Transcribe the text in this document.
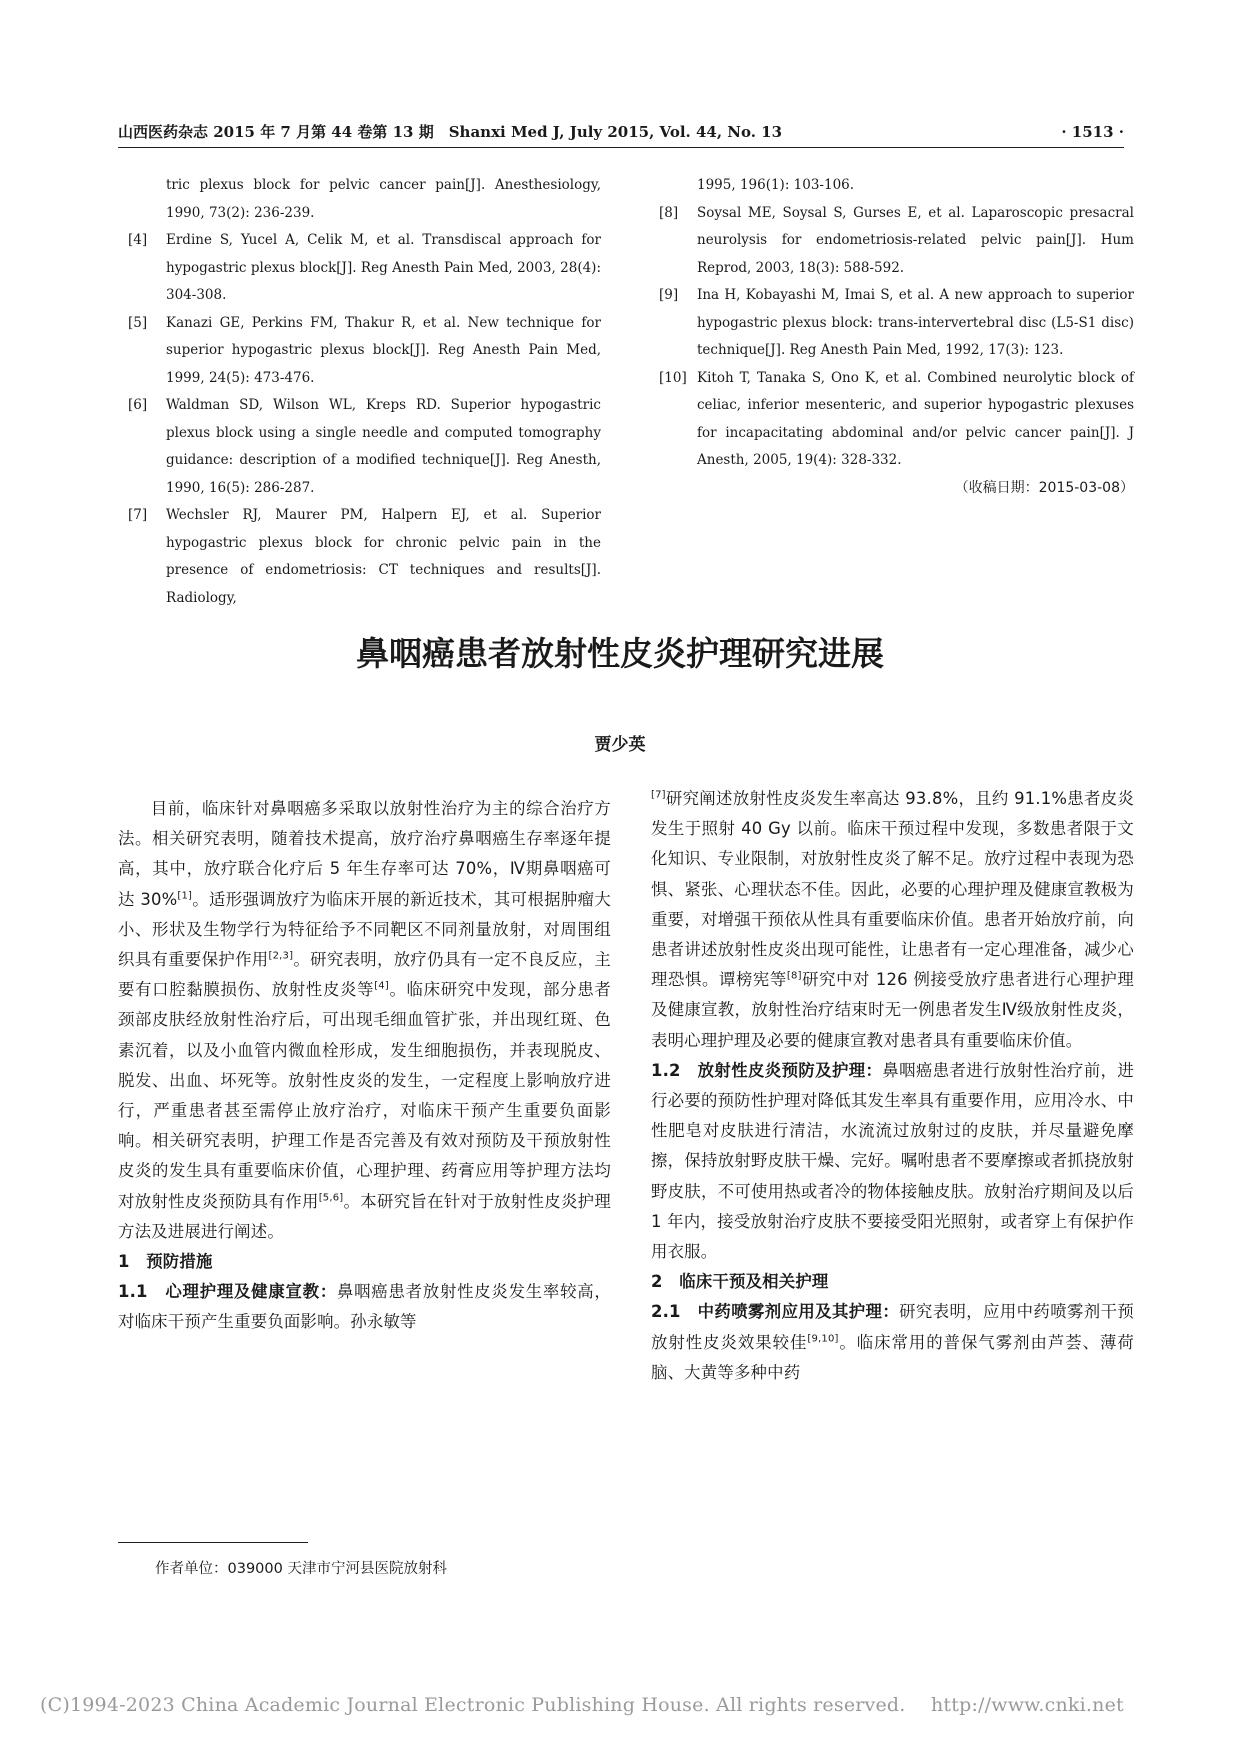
山西医药杂志 2015 年 7 月第 44 卷第 13 期　Shanxi Med J, July 2015, Vol. 44, No. 13	· 1513 ·
tric plexus block for pelvic cancer pain[J]. Anesthesiology, 1990, 73(2): 236-239.
[4] Erdine S, Yucel A, Celik M, et al. Transdiscal approach for hypogastric plexus block[J]. Reg Anesth Pain Med, 2003, 28(4): 304-308.
[5] Kanazi GE, Perkins FM, Thakur R, et al. New technique for superior hypogastric plexus block[J]. Reg Anesth Pain Med, 1999, 24(5): 473-476.
[6] Waldman SD, Wilson WL, Kreps RD. Superior hypogastric plexus block using a single needle and computed tomography guidance: description of a modified technique[J]. Reg Anesth, 1990, 16(5): 286-287.
[7] Wechsler RJ, Maurer PM, Halpern EJ, et al. Superior hypogastric plexus block for chronic pelvic pain in the presence of endometriosis: CT techniques and results[J]. Radiology,
1995, 196(1): 103-106.
[8] Soysal ME, Soysal S, Gurses E, et al. Laparoscopic presacral neurolysis for endometriosis-related pelvic pain[J]. Hum Reprod, 2003, 18(3): 588-592.
[9] Ina H, Kobayashi M, Imai S, et al. A new approach to superior hypogastric plexus block: trans-intervertebral disc (L5-S1 disc) technique[J]. Reg Anesth Pain Med, 1992, 17(3): 123.
[10] Kitoh T, Tanaka S, Ono K, et al. Combined neurolytic block of celiac, inferior mesenteric, and superior hypogastric plexuses for incapacitating abdominal and/or pelvic cancer pain[J]. J Anesth, 2005, 19(4): 328-332.
（收稿日期：2015-03-08）
鼻咽癌患者放射性皮炎护理研究进展
贾少英

目前，临床针对鼻咽癌多采取以放射性治疗为主的综合治疗方法。相关研究表明，随着技术提高，放疗治疗鼻咽癌生存率逐年提高，其中，放疗联合化疗后 5 年生存率可达 70%，Ⅳ期鼻咽癌可达 30%[1]。适形强调放疗为临床开展的新近技术，其可根据肿瘤大小、形状及生物学行为特征给予不同靶区不同剂量放射，对周围组织具有重要保护作用[2,3]。研究表明，放疗仍具有一定不良反应，主要有口腔黏膜损伤、放射性皮炎等[4]。临床研究中发现，部分患者颈部皮肤经放射性治疗后，可出现毛细血管扩张，并出现红斑、色素沉着，以及小血管内微血栓形成，发生细胞损伤，并表现脱皮、脱发、出血、坏死等。放射性皮炎的发生，一定程度上影响放疗进行，严重患者甚至需停止放疗治疗，对临床干预产生重要负面影响。相关研究表明，护理工作是否完善及有效对预防及干预放射性皮炎的发生具有重要临床价值，心理护理、药膏应用等护理方法均对放射性皮炎预防具有作用[5,6]。本研究旨在针对于放射性皮炎护理方法及进展进行阐述。

1　预防措施

1.1　心理护理及健康宣教：鼻咽癌患者放射性皮炎发生率较高，对临床干预产生重要负面影响。孙永敏等

[7]研究阐述放射性皮炎发生率高达 93.8%，且约 91.1%患者皮炎发生于照射 40 Gy 以前。临床干预过程中发现，多数患者限于文化知识、专业限制，对放射性皮炎了解不足。放疗过程中表现为恐惧、紧张、心理状态不佳。因此，必要的心理护理及健康宣教极为重要，对增强干预依从性具有重要临床价值。患者开始放疗前，向患者讲述放射性皮炎出现可能性，让患者有一定心理准备，减少心理恐惧。谭榜宪等[8]研究中对 126 例接受放疗患者进行心理护理及健康宣教，放射性治疗结束时无一例患者发生Ⅳ级放射性皮炎，表明心理护理及必要的健康宣教对患者具有重要临床价值。

1.2　放射性皮炎预防及护理：鼻咽癌患者进行放射性治疗前，进行必要的预防性护理对降低其发生率具有重要作用，应用冷水、中性肥皂对皮肤进行清洁，水流流过放射过的皮肤，并尽量避免摩擦，保持放射野皮肤干燥、完好。嘱咐患者不要摩擦或者抓挠放射野皮肤，不可使用热或者冷的物体接触皮肤。放射治疗期间及以后 1 年内，接受放射治疗皮肤不要接受阳光照射，或者穿上有保护作用衣服。

2　临床干预及相关护理

2.1　中药喷雾剂应用及其护理：研究表明，应用中药喷雾剂干预放射性皮炎效果较佳[9,10]。临床常用的普保气雾剂由芦荟、薄荷脑、大黄等多种中药

作者单位：039000 天津市宁河县医院放射科
(C)1994-2023 China Academic Journal Electronic Publishing House. All rights reserved.　 http://www.cnki.net
